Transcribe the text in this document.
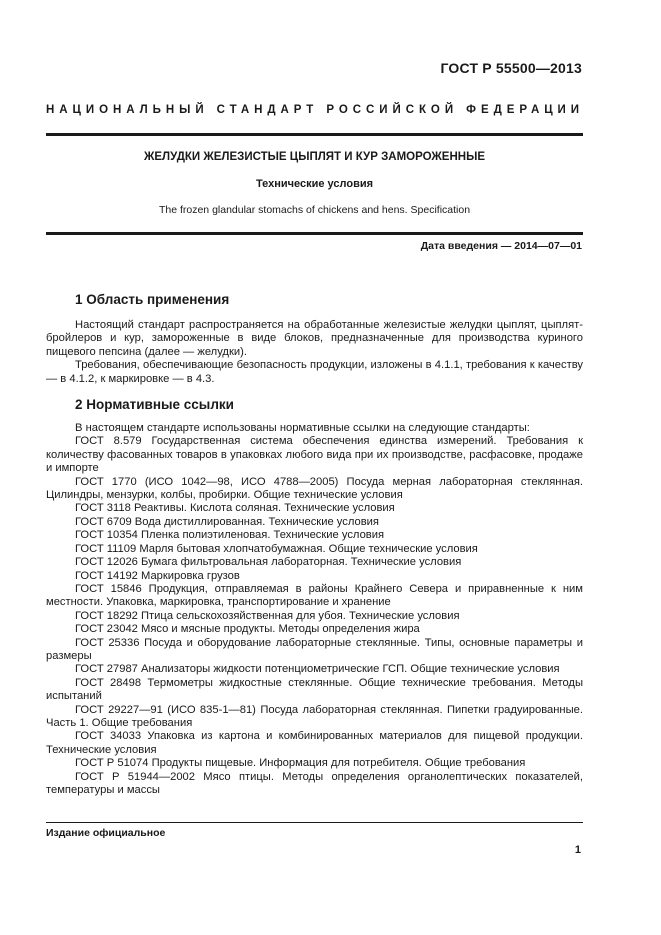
ГОСТ Р 55500—2013
НАЦИОНАЛЬНЫЙ СТАНДАРТ РОССИЙСКОЙ ФЕДЕРАЦИИ
ЖЕЛУДКИ ЖЕЛЕЗИСТЫЕ ЦЫПЛЯТ И КУР ЗАМОРОЖЕННЫЕ
Технические условия
The frozen glandular stomachs of chickens and hens. Specification
Дата введения — 2014—07—01
1 Область применения

Настоящий стандарт распространяется на обработанные железистые желудки цыплят, цыплят-бройлеров и кур, замороженные в виде блоков, предназначенные для производства куриного пищевого пепсина (далее — желудки).

Требования, обеспечивающие безопасность продукции, изложены в 4.1.1, требования к качеству — в 4.1.2, к маркировке — в 4.3.

2 Нормативные ссылки

В настоящем стандарте использованы нормативные ссылки на следующие стандарты:

ГОСТ 8.579 Государственная система обеспечения единства измерений. Требования к количеству фасованных товаров в упаковках любого вида при их производстве, расфасовке, продаже и импорте

ГОСТ 1770 (ИСО 1042—98, ИСО 4788—2005) Посуда мерная лабораторная стеклянная. Цилиндры, мензурки, колбы, пробирки. Общие технические условия

ГОСТ 3118 Реактивы. Кислота соляная. Технические условия

ГОСТ 6709 Вода дистиллированная. Технические условия

ГОСТ 10354 Пленка полиэтиленовая. Технические условия

ГОСТ 11109 Марля бытовая хлопчатобумажная. Общие технические условия

ГОСТ 12026 Бумага фильтровальная лабораторная. Технические условия

ГОСТ 14192 Маркировка грузов

ГОСТ 15846 Продукция, отправляемая в районы Крайнего Севера и приравненные к ним местности. Упаковка, маркировка, транспортирование и хранение

ГОСТ 18292 Птица сельскохозяйственная для убоя. Технические условия

ГОСТ 23042 Мясо и мясные продукты. Методы определения жира

ГОСТ 25336 Посуда и оборудование лабораторные стеклянные. Типы, основные параметры и размеры

ГОСТ 27987 Анализаторы жидкости потенциометрические ГСП. Общие технические условия

ГОСТ 28498 Термометры жидкостные стеклянные. Общие технические требования. Методы испытаний

ГОСТ 29227—91 (ИСО 835-1—81) Посуда лабораторная стеклянная. Пипетки градуированные. Часть 1. Общие требования

ГОСТ 34033 Упаковка из картона и комбинированных материалов для пищевой продукции. Технические условия

ГОСТ Р 51074 Продукты пищевые. Информация для потребителя. Общие требования

ГОСТ Р 51944—2002 Мясо птицы. Методы определения органолептических показателей, температуры и массы

Издание официальное
1
